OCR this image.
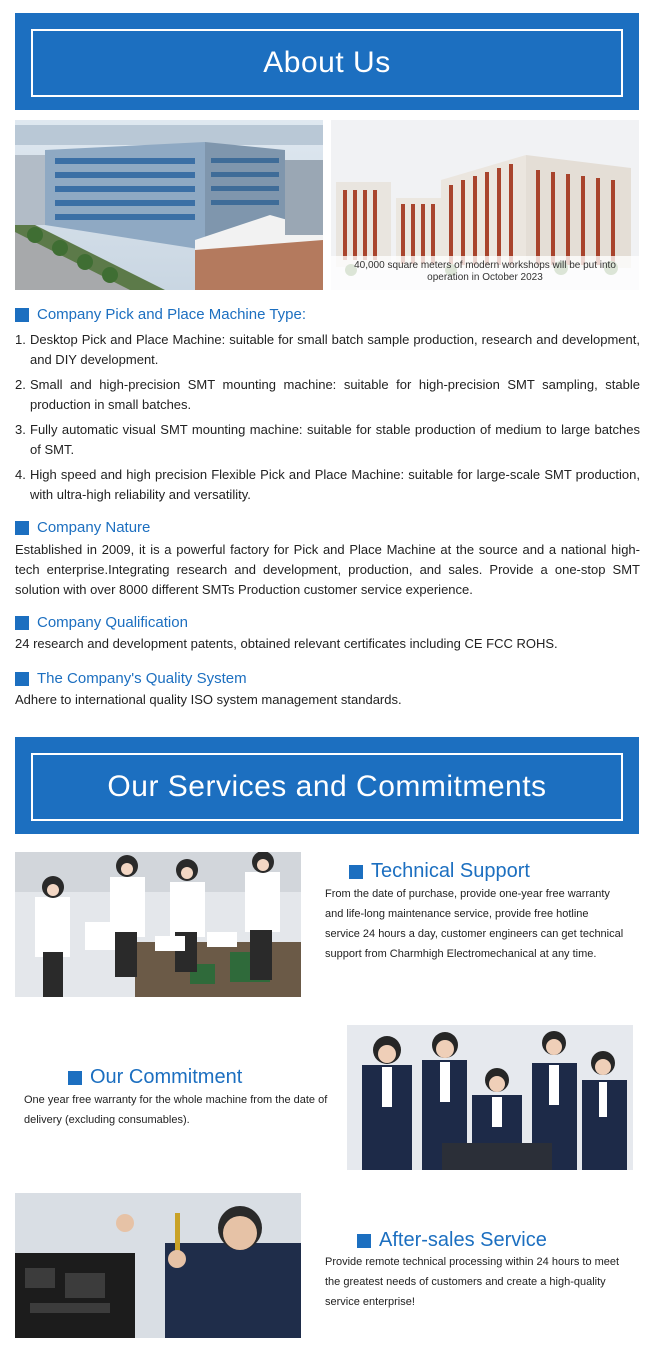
About Us
40,000 square meters of modern workshops will be put into operation in October 2023
Company Pick and Place Machine Type:
1. Desktop Pick and Place Machine: suitable for small batch sample production, research and development, and DIY development.
2. Small and high-precision SMT mounting machine: suitable for high-precision SMT sampling, stable production in small batches.
3. Fully automatic visual SMT mounting machine: suitable for stable production of medium to large batches of SMT.
4. High speed and high precision Flexible Pick and Place Machine: suitable for large-scale SMT production, with ultra-high reliability and versatility.
Company Nature

Established in 2009, it is a powerful factory for Pick and Place Machine at the source and a national high-tech enterprise.Integrating research and development, production, and sales. Provide a one-stop SMT solution with over 8000 different SMTs Production customer service experience.

Company Qualification

24 research and development patents, obtained relevant certificates including CE FCC ROHS.

The Company's Quality System

Adhere to international quality ISO system management standards.

Our Services and Commitments
Technical Support

From the date of purchase, provide one-year free warranty and life-long maintenance service, provide free hotline service 24 hours a day, customer engineers can get technical support from Charmhigh Electromechanical at any time.

Our Commitment

One year free warranty for the whole machine from the date of delivery (excluding consumables).

After-sales Service

Provide remote technical processing within 24 hours to meet the greatest needs of customers and create a high-quality service enterprise!
